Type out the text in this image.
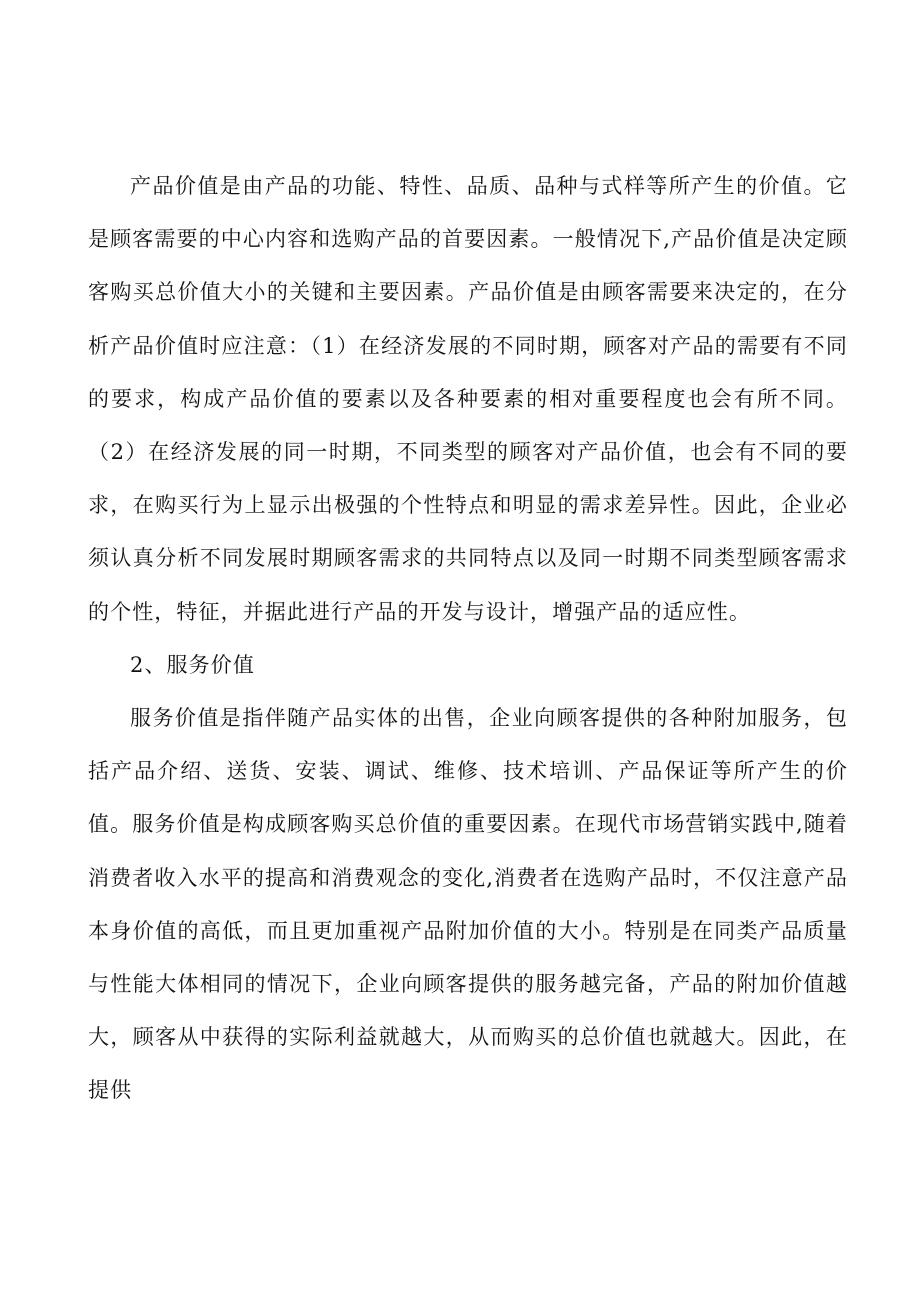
产品价值是由产品的功能、特性、品质、品种与式样等所产生的价值。它是顾客需要的中心内容和选购产品的首要因素。一般情况下,产品价值是决定顾客购买总价值大小的关键和主要因素。产品价值是由顾客需要来决定的，在分析产品价值时应注意：（1）在经济发展的不同时期，顾客对产品的需要有不同的要求，构成产品价值的要素以及各种要素的相对重要程度也会有所不同。（2）在经济发展的同一时期，不同类型的顾客对产品价值，也会有不同的要求，在购买行为上显示出极强的个性特点和明显的需求差异性。因此，企业必须认真分析不同发展时期顾客需求的共同特点以及同一时期不同类型顾客需求的个性，特征，并据此进行产品的开发与设计，增强产品的适应性。

2、服务价值

服务价值是指伴随产品实体的出售，企业向顾客提供的各种附加服务，包括产品介绍、送货、安装、调试、维修、技术培训、产品保证等所产生的价值。服务价值是构成顾客购买总价值的重要因素。在现代市场营销实践中,随着消费者收入水平的提高和消费观念的变化,消费者在选购产品时，不仅注意产品本身价值的高低，而且更加重视产品附加价值的大小。特别是在同类产品质量与性能大体相同的情况下，企业向顾客提供的服务越完备，产品的附加价值越大，顾客从中获得的实际利益就越大，从而购买的总价值也就越大。因此，在提供
